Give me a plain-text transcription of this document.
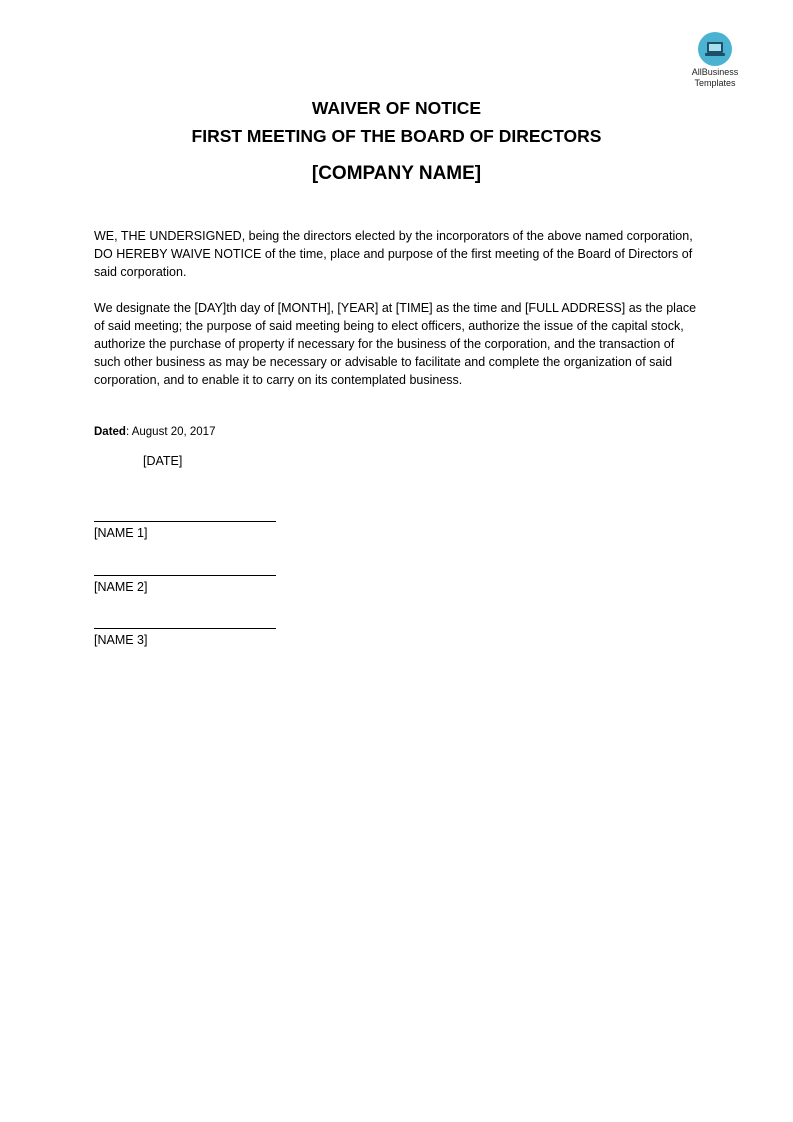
AllBusiness
Templates
WAIVER OF NOTICE
FIRST MEETING OF THE BOARD OF DIRECTORS
[COMPANY NAME]

WE, THE UNDERSIGNED, being the directors elected by the incorporators of the above named corporation, DO HEREBY WAIVE NOTICE of the time, place and purpose of the first meeting of the Board of Directors of said corporation.

We designate the [DAY]th day of [MONTH], [YEAR] at [TIME] as the time and [FULL ADDRESS] as the place of said meeting; the purpose of said meeting being to elect officers, authorize the issue of the capital stock, authorize the purchase of property if necessary for the business of the corporation, and the transaction of such other business as may be necessary or advisable to facilitate and complete the organization of said corporation, and to enable it to carry on its contemplated business.

Dated: August 20, 2017
[DATE]
[NAME 1]
[NAME 2]
[NAME 3]
